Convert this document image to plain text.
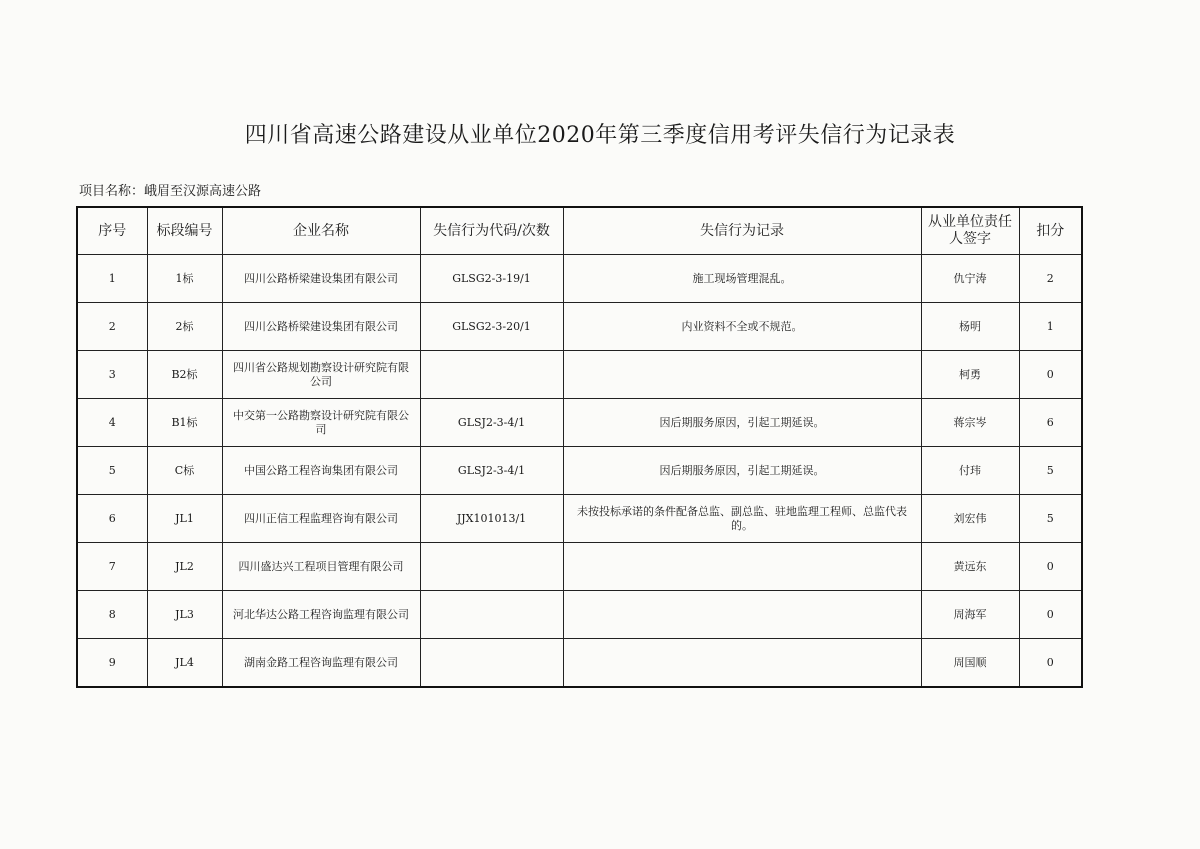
四川省高速公路建设从业单位2020年第三季度信用考评失信行为记录表
项目名称：峨眉至汉源高速公路
序号	标段编号	企业名称	失信行为代码/次数	失信行为记录	从业单位责任人签字	扣分
1	1标	四川公路桥梁建设集团有限公司	GLSG2-3-19/1	施工现场管理混乱。	仇宁涛	2
2	2标	四川公路桥梁建设集团有限公司	GLSG2-3-20/1	内业资料不全或不规范。	杨明	1
3	B2标	四川省公路规划勘察设计研究院有限公司			柯勇	0
4	B1标	中交第一公路勘察设计研究院有限公司	GLSJ2-3-4/1	因后期服务原因，引起工期延误。	蒋宗岑	6
5	C标	中国公路工程咨询集团有限公司	GLSJ2-3-4/1	因后期服务原因，引起工期延误。	付玮	5
6	JL1	四川正信工程监理咨询有限公司	JJX101013/1	未按投标承诺的条件配备总监、副总监、驻地监理工程师、总监代表的。	刘宏伟	5
7	JL2	四川盛达兴工程项目管理有限公司			黄远东	0
8	JL3	河北华达公路工程咨询监理有限公司			周海军	0
9	JL4	湖南金路工程咨询监理有限公司			周国顺	0
